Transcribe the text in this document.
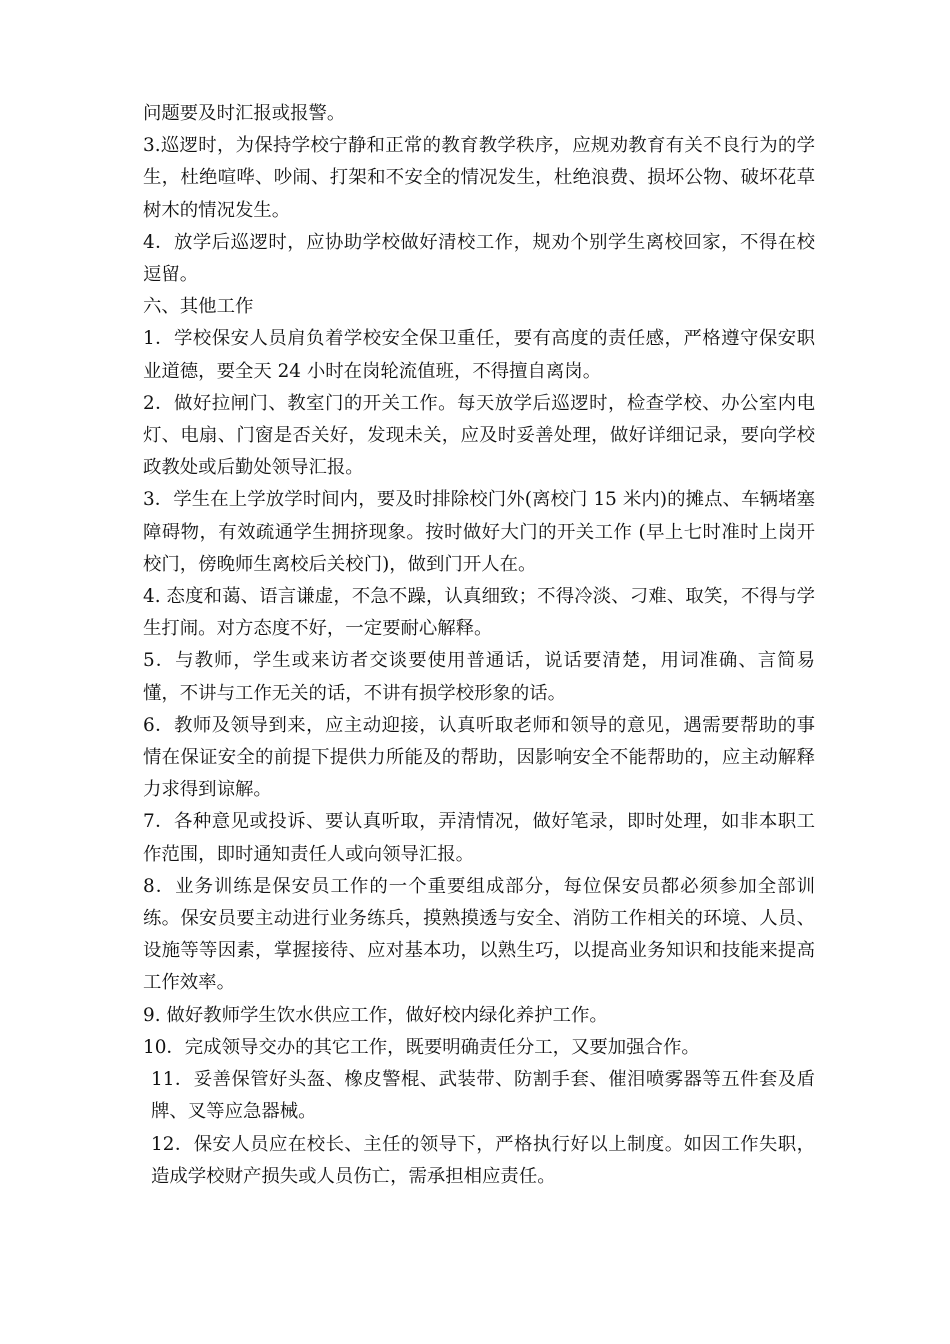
问题要及时汇报或报警。

3.巡逻时，为保持学校宁静和正常的教育教学秩序，应规劝教育有关不良行为的学生，杜绝喧哗、吵闹、打架和不安全的情况发生，杜绝浪费、损坏公物、破坏花草树木的情况发生。

4．放学后巡逻时，应协助学校做好清校工作，规劝个别学生离校回家，不得在校逗留。

六、其他工作

1．学校保安人员肩负着学校安全保卫重任，要有高度的责任感，严格遵守保安职业道德，要全天 24 小时在岗轮流值班，不得擅自离岗。

2．做好拉闸门、教室门的开关工作。每天放学后巡逻时，检查学校、办公室内电灯、电扇、门窗是否关好，发现未关，应及时妥善处理，做好详细记录，要向学校政教处或后勤处领导汇报。

3．学生在上学放学时间内，要及时排除校门外(离校门 15 米内)的摊点、车辆堵塞障碍物，有效疏通学生拥挤现象。按时做好大门的开关工作 (早上七时准时上岗开校门，傍晚师生离校后关校门)，做到门开人在。

4. 态度和蔼、语言谦虚，不急不躁，认真细致；不得冷淡、刁难、取笑，不得与学生打闹。对方态度不好，一定要耐心解释。

5．与教师，学生或来访者交谈要使用普通话，说话要清楚，用词准确、言简易懂，不讲与工作无关的话，不讲有损学校形象的话。

6．教师及领导到来，应主动迎接，认真听取老师和领导的意见，遇需要帮助的事情在保证安全的前提下提供力所能及的帮助，因影响安全不能帮助的，应主动解释力求得到谅解。

7．各种意见或投诉、要认真听取，弄清情况，做好笔录，即时处理，如非本职工作范围，即时通知责任人或向领导汇报。

8．业务训练是保安员工作的一个重要组成部分，每位保安员都必须参加全部训练。保安员要主动进行业务练兵，摸熟摸透与安全、消防工作相关的环境、人员、设施等等因素，掌握接待、应对基本功，以熟生巧，以提高业务知识和技能来提高工作效率。

9. 做好教师学生饮水供应工作，做好校内绿化养护工作。

10．完成领导交办的其它工作，既要明确责任分工，又要加强合作。

11．妥善保管好头盔、橡皮警棍、武装带、防割手套、催泪喷雾器等五件套及盾牌、叉等应急器械。

12．保安人员应在校长、主任的领导下，严格执行好以上制度。如因工作失职，造成学校财产损失或人员伤亡，需承担相应责任。
